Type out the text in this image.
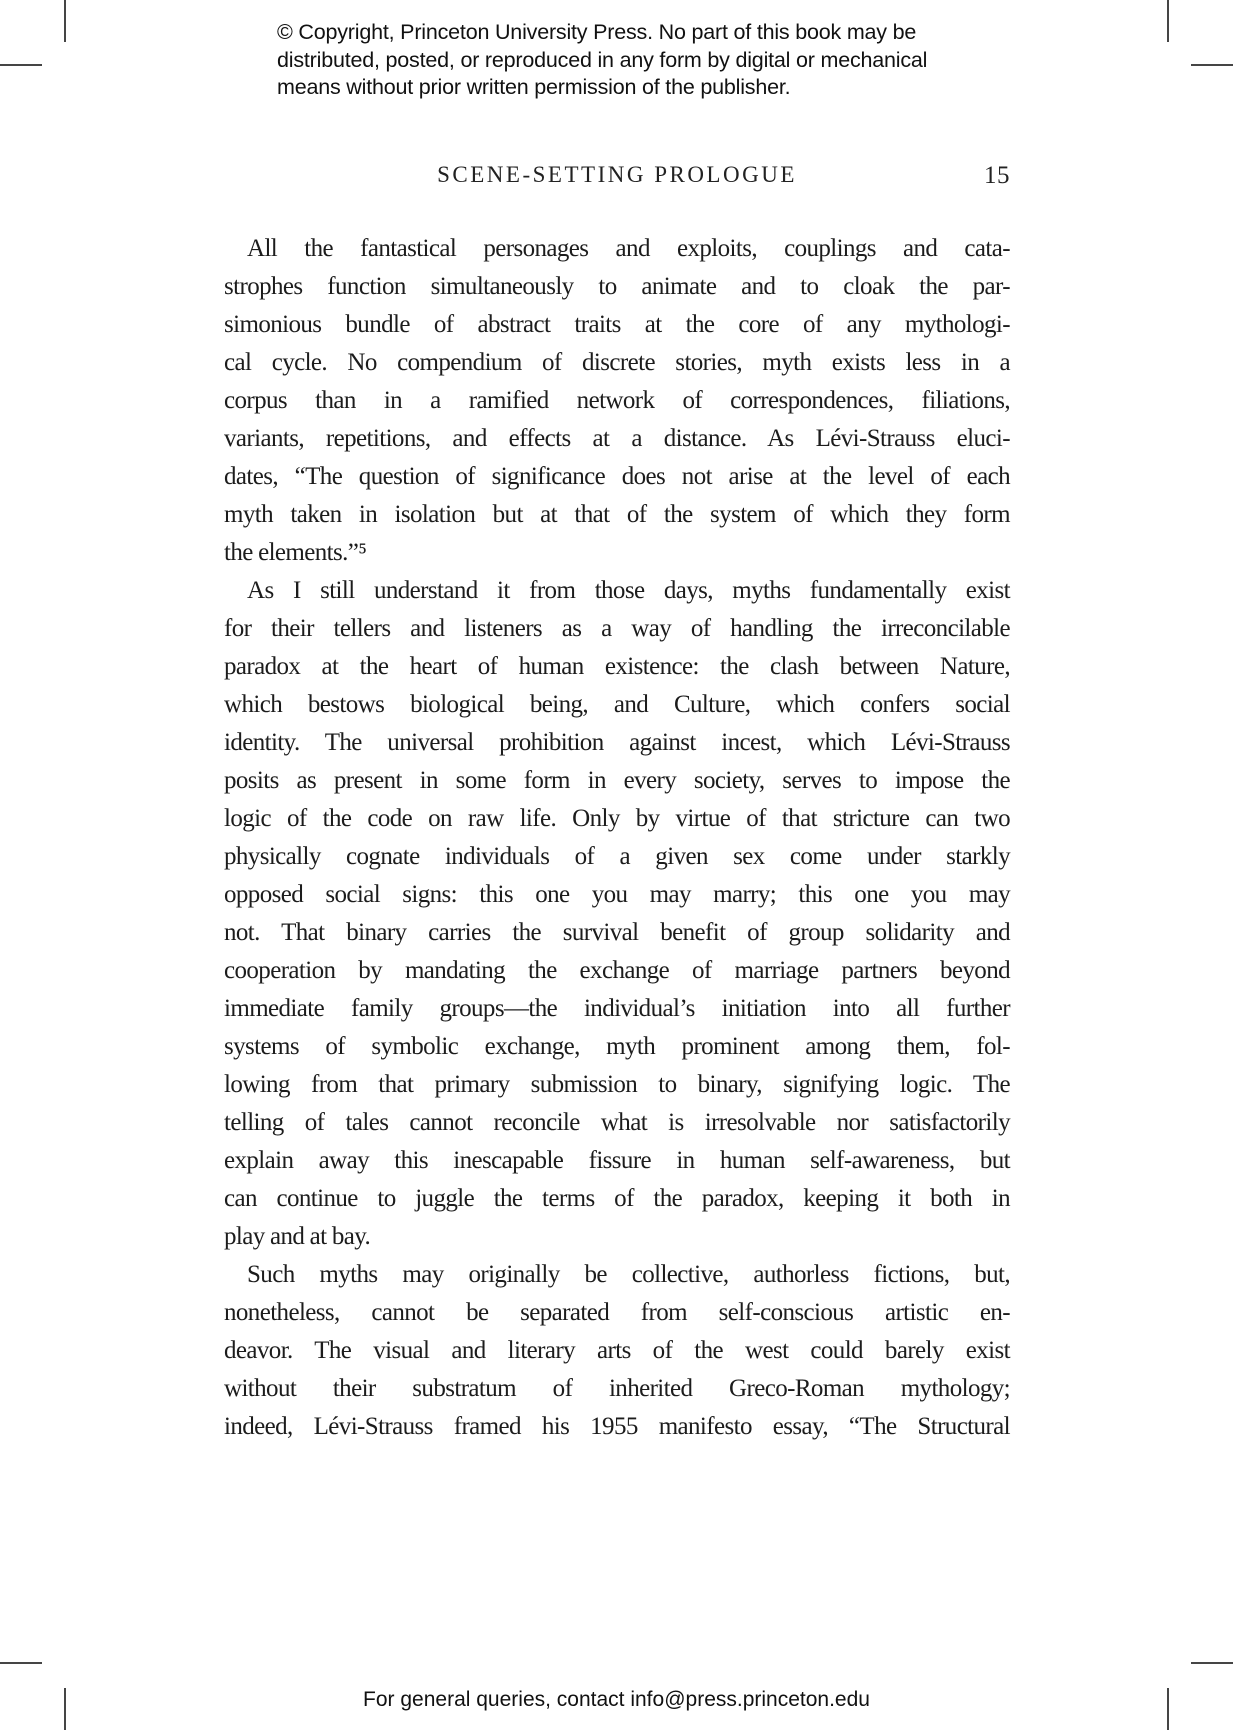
© Copyright, Princeton University Press. No part of this book may be
distributed, posted, or reproduced in any form by digital or mechanical
means without prior written permission of the publisher.
SCENE-SETTING PROLOGUE	15
All the fantastical personages and exploits, couplings and cata-
strophes function simultaneously to animate and to cloak the par-
simonious bundle of abstract traits at the core of any mythologi-
cal cycle. No compendium of discrete stories, myth exists less in a
corpus than in a ramified network of correspondences, filiations,
variants, repetitions, and effects at a distance. As Lévi-Strauss eluci-
dates, “The question of significance does not arise at the level of each
myth taken in isolation but at that of the system of which they form
the elements.”⁵
As I still understand it from those days, myths fundamentally exist
for their tellers and listeners as a way of handling the irreconcilable
paradox at the heart of human existence: the clash between Nature,
which bestows biological being, and Culture, which confers social
identity. The universal prohibition against incest, which Lévi-Strauss
posits as present in some form in every society, serves to impose the
logic of the code on raw life. Only by virtue of that stricture can two
physically cognate individuals of a given sex come under starkly
opposed social signs: this one you may marry; this one you may
not. That binary carries the survival benefit of group solidarity and
cooperation by mandating the exchange of marriage partners beyond
immediate family groups—the individual’s initiation into all further
systems of symbolic exchange, myth prominent among them, fol-
lowing from that primary submission to binary, signifying logic. The
telling of tales cannot reconcile what is irresolvable nor satisfactorily
explain away this inescapable fissure in human self-awareness, but
can continue to juggle the terms of the paradox, keeping it both in
play and at bay.
Such myths may originally be collective, authorless fictions, but,
nonetheless, cannot be separated from self-conscious artistic en-
deavor. The visual and literary arts of the west could barely exist
without their substratum of inherited Greco-Roman mythology;
indeed, Lévi-Strauss framed his 1955 manifesto essay, “The Structural
For general queries, contact info@press.princeton.edu
